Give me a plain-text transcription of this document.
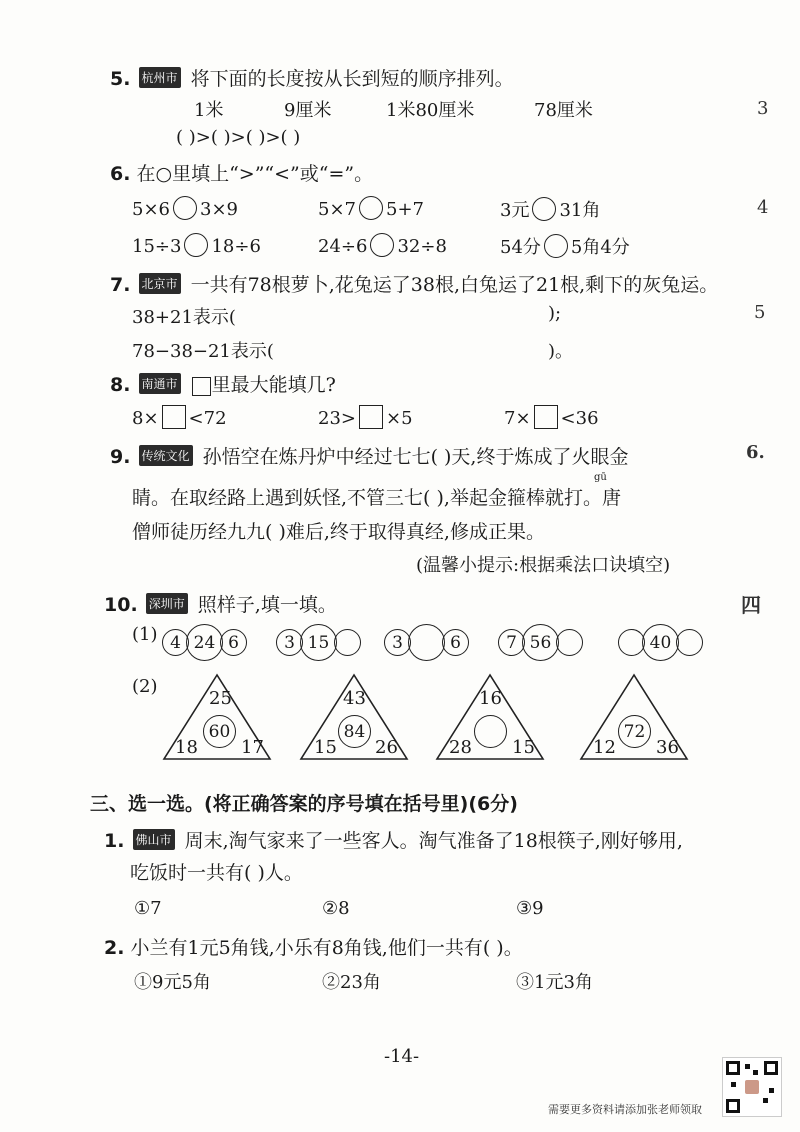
5. 杭州市 将下面的长度按从长到短的顺序排列。
1米	9厘米	1米80厘米	78厘米
( )>( )>( )>( )
6. 在○里填上“>”“<”或“=”。
5×6 3×9	5×7 5+7	3元 31角
15÷3 18÷6	24÷6 32÷8	54分 5角4分
7. 北京市 一共有78根萝卜,花兔运了38根,白兔运了21根,剩下的灰兔运。
38+21表示(	);
78−38−21表示(	)。
8. 南通市 里最大能填几?
8× <72	23> ×5	7× <36
9. 传统文化 孙悟空在炼丹炉中经过七七( )天,终于炼成了火眼金
gū
睛。在取经路上遇到妖怪,不管三七( ),举起金箍棒就打。唐
僧师徒历经九九( )难后,终于取得真经,修成正果。
(温馨小提示:根据乘法口诀填空)
10. 深圳市 照样子,填一填。
(1) 4 24 6	3 15	3	6	7 56	40
(2)
25
60
18 17
43
84
15 26
16
28 15
72
12 36
三、选一选。(将正确答案的序号填在括号里)(6分)
1. 佛山市 周末,淘气家来了一些客人。淘气准备了18根筷子,刚好够用,
吃饭时一共有( )人。
①7	②8	③9
2. 小兰有1元5角钱,小乐有8角钱,他们一共有( )。
①9元5角	②23角	③1元3角
3
4
5
6.
四
-14-
需要更多资料请添加张老师领取
